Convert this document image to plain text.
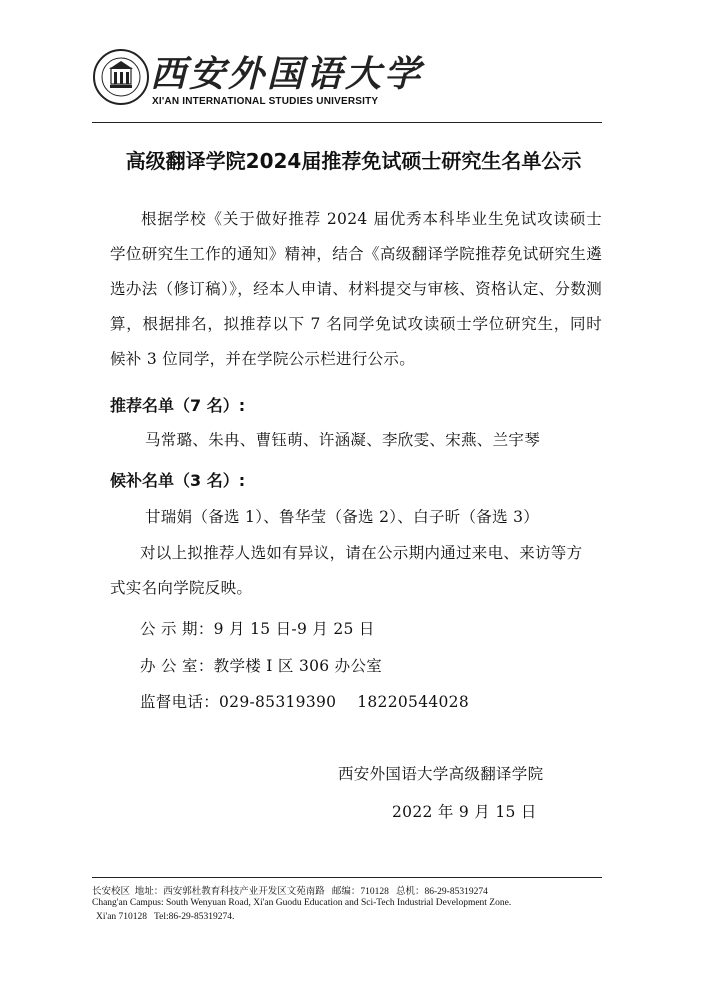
西安外国语大学
XI'AN INTERNATIONAL STUDIES UNIVERSITY
高级翻译学院2024届推荐免试硕士研究生名单公示

根据学校《关于做好推荐 2024 届优秀本科毕业生免试攻读硕士学位研究生工作的通知》精神，结合《高级翻译学院推荐免试研究生遴选办法（修订稿）》，经本人申请、材料提交与审核、资格认定、分数测算，根据排名，拟推荐以下 7 名同学免试攻读硕士学位研究生，同时候补 3 位同学，并在学院公示栏进行公示。

推荐名单（7 名）:
马常璐、朱冉、曹钰萌、许涵凝、李欣雯、宋燕、兰宇琴
候补名单（3 名）:
甘瑞娟（备选 1）、鲁华莹（备选 2）、白子昕（备选 3）
对以上拟推荐人选如有异议，请在公示期内通过来电、来访等方
式实名向学院反映。
公 示 期：9 月 15 日-9 月 25 日
办 公 室：教学楼 I 区 306 办公室
监督电话：029-85319390    18220544028
西安外国语大学高级翻译学院
2022 年 9 月 15 日
长安校区  地址：西安郭杜教育科技产业开发区文苑南路   邮编：710128   总机：86-29-85319274
Chang'an Campus: South Wenyuan Road, Xi'an Guodu Education and Sci-Tech Industrial Development Zone.
Xi'an 710128   Tel:86-29-85319274.
